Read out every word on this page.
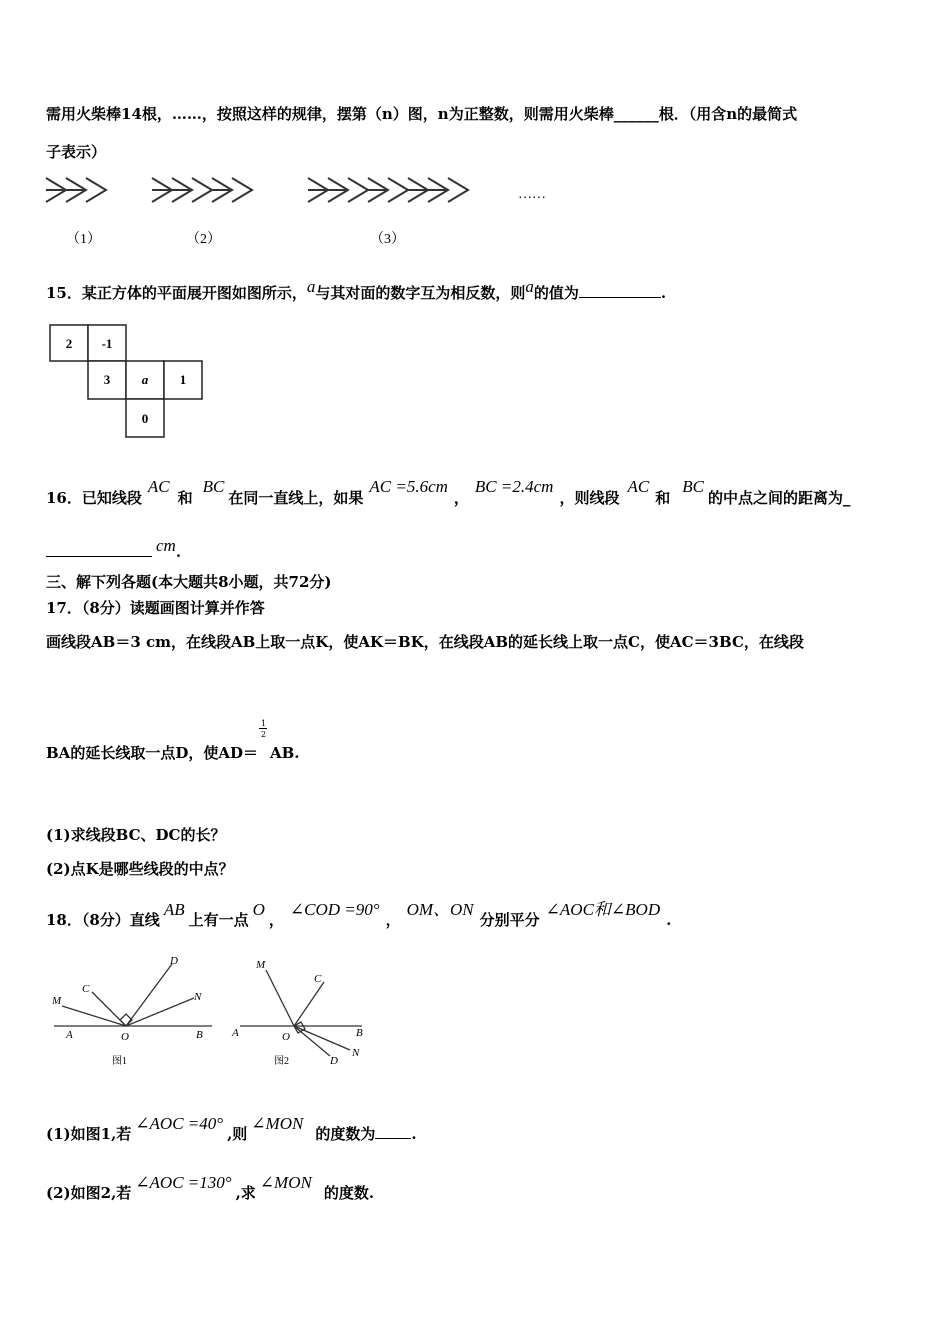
需用火柴棒14根，……，按照这样的规律，摆第（n）图，n为正整数，则需用火柴棒______根．（用含n的最简式
子表示）
（1）	（2）	（3）
……
15．某正方体的平面展开图如图所示，a与其对面的数字互为相反数，则a的值为	.
2 -1
3 a 1
0
16．已知线段AC和BC在同一直线上，如果AC =5.6cm，BC =2.4cm，则线段AC和BC的中点之间的距离为_
cm.
三、解下列各题(本大题共8小题，共72分)
17．（8分）读题画图计算并作答
画线段AB＝3 cm，在线段AB上取一点K，使AK＝BK，在线段AB的延长线上取一点C，使AC＝3BC，在线段
BA的延长线取一点D，使$AD= \frac{1}{2}$ AB.
(1)求线段BC、DC的长？
(2)点K是哪些线段的中点？
18．（8分）直线AB上有一点O，∠COD =90°，OM、ON分别平分∠AOC和∠BOD.
D
C
M	N
A	O	B
图1
M
C
A	O	B
N
D
图2
(1)如图1,若∠AOC =40°,则∠MON的度数为 .
(2)如图2,若∠AOC =130°,求∠MON的度数.
